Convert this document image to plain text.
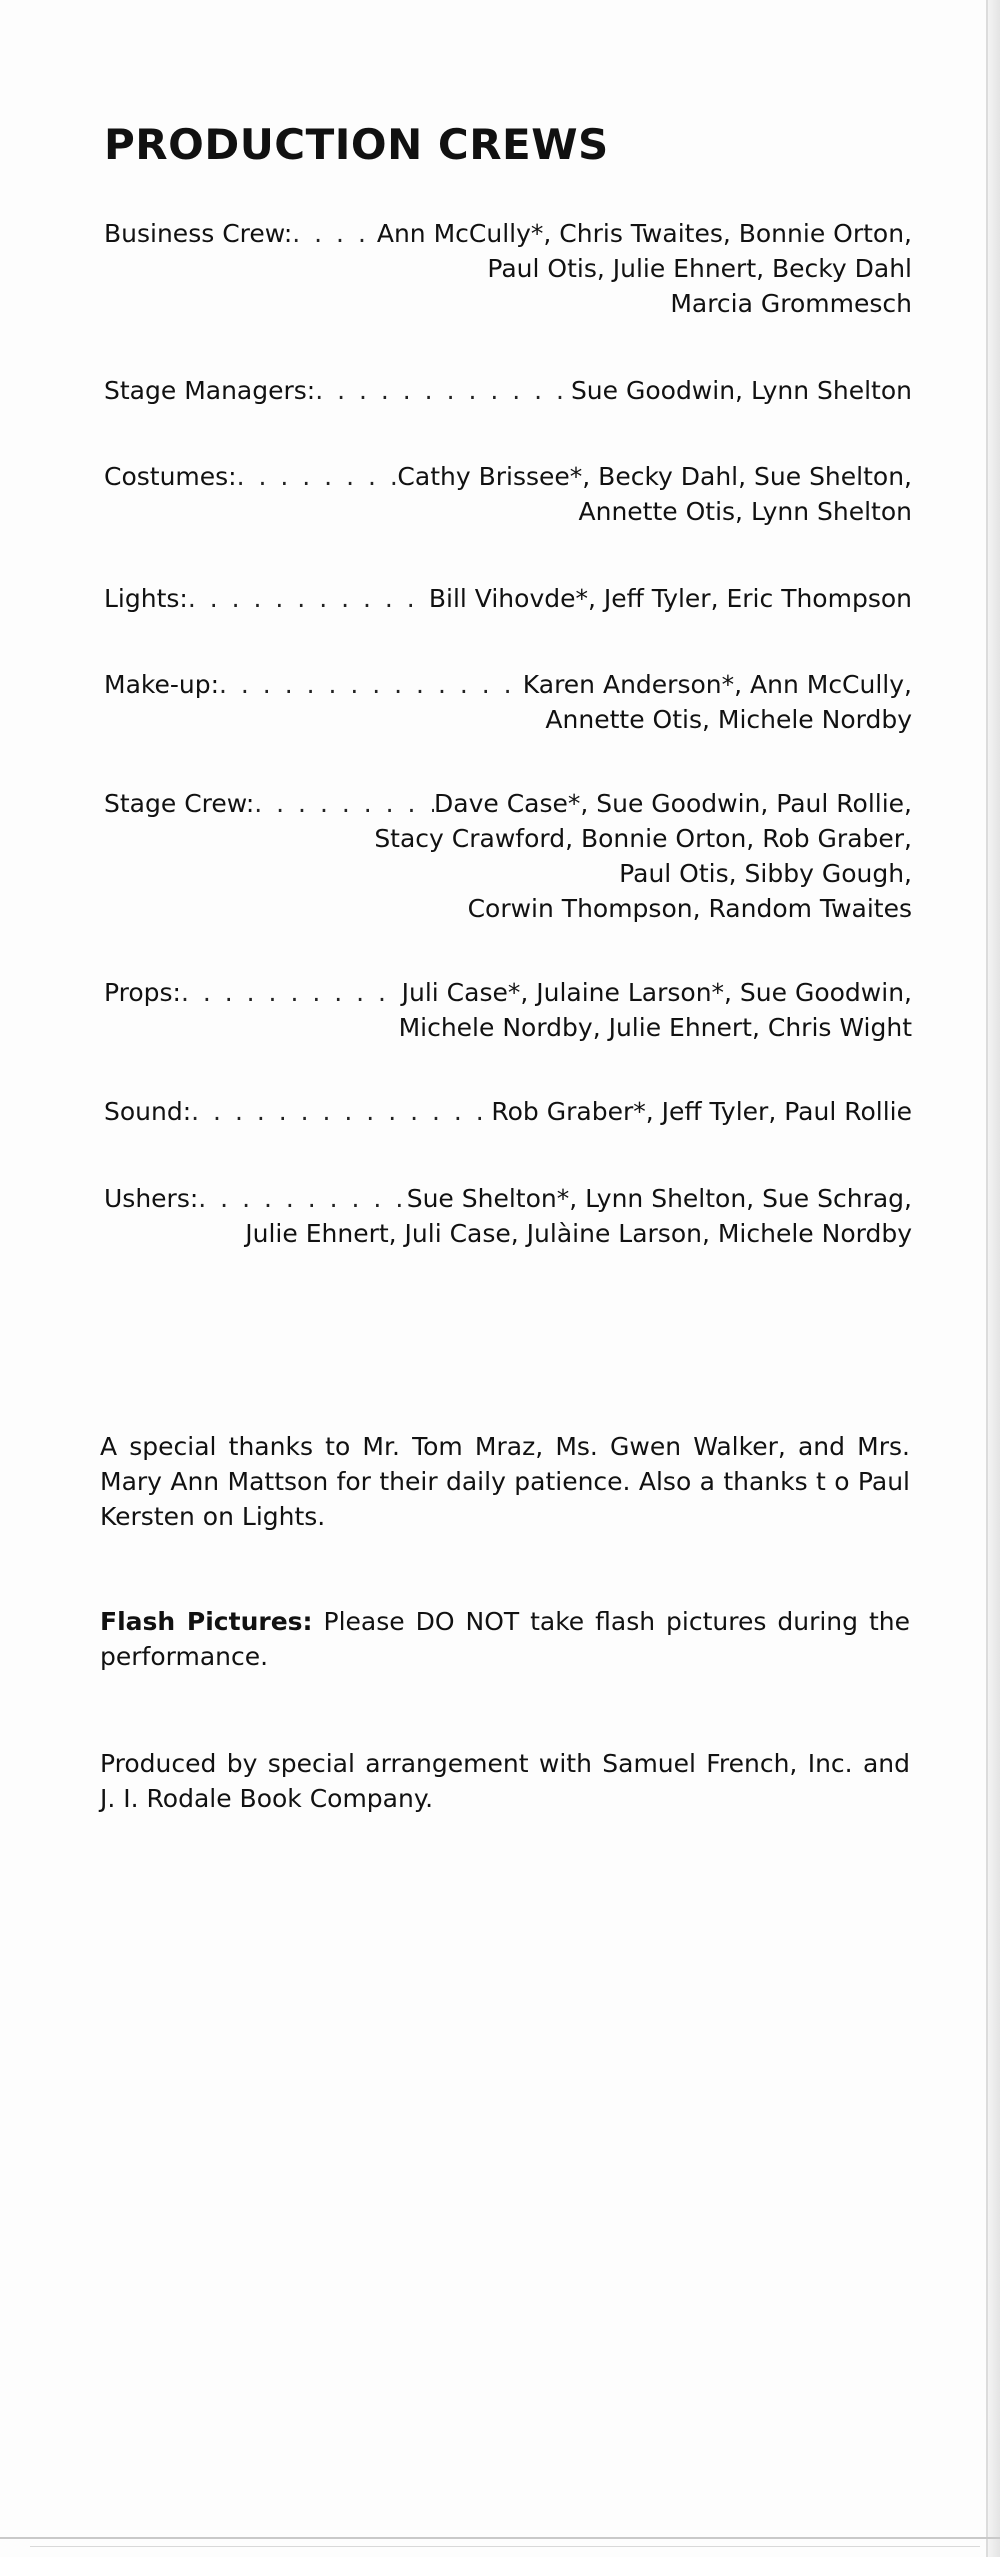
PRODUCTION CREWS
Business Crew: . . .	Ann McCully*, Chris Twaites, Bonnie Orton,
Paul Otis, Julie Ehnert, Becky Dahl
Marcia Grommesch
Stage Managers: . . .	Sue Goodwin, Lynn Shelton
Costumes: . . .	Cathy Brissee*, Becky Dahl, Sue Shelton,
Annette Otis, Lynn Shelton
Lights: . . .	Bill Vihovde*, Jeff Tyler, Eric Thompson
Make-up: . . .	Karen Anderson*, Ann McCully,
Annette Otis, Michele Nordby
Stage Crew: . . .	Dave Case*, Sue Goodwin, Paul Rollie,
Stacy Crawford, Bonnie Orton, Rob Graber,
Paul Otis, Sibby Gough,
Corwin Thompson, Random Twaites
Props: . . .	Juli Case*, Julaine Larson*, Sue Goodwin,
Michele Nordby, Julie Ehnert, Chris Wight
Sound: . . .	Rob Graber*, Jeff Tyler, Paul Rollie
Ushers: . . .	Sue Shelton*, Lynn Shelton, Sue Schrag,
Julie Ehnert, Juli Case, Julàine Larson, Michele Nordby

A special thanks to Mr. Tom Mraz, Ms. Gwen Walker, and Mrs. Mary Ann Mattson for their daily patience. Also a thanks t o Paul Kersten on Lights.

Flash Pictures: Please DO NOT take flash pictures during the performance.

Produced by special arrangement with Samuel French, Inc. and J. I. Rodale Book Company.
